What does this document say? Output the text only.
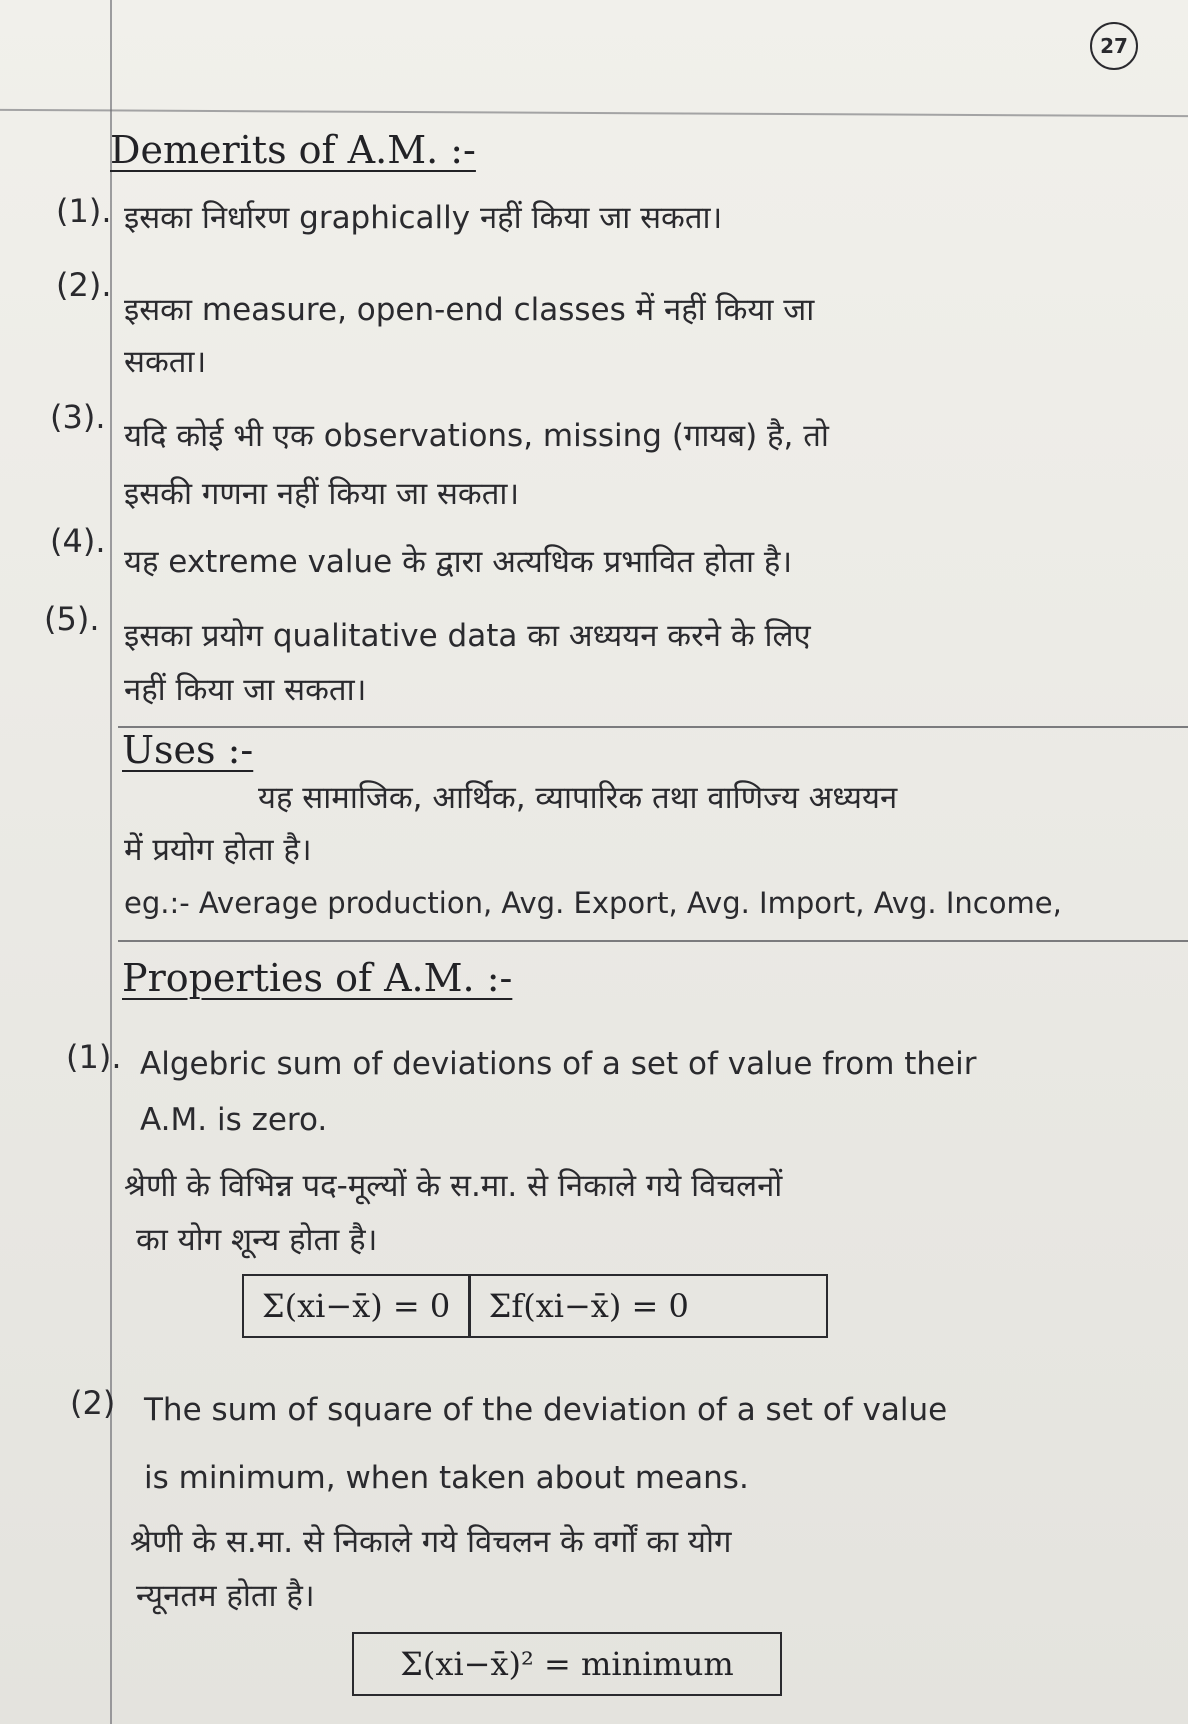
27
Demerits of A.M. :-
(1). इसका निर्धारण graphically नहीं किया जा सकता।
(2).
इसका measure, open-end classes में नहीं किया जा
सकता।
(3). यदि कोई भी एक observations, missing (गायब) है, तो
इसकी गणना नहीं किया जा सकता।
(4).
यह extreme value के द्वारा अत्यधिक प्रभावित होता है।
(5). इसका प्रयोग qualitative data का अध्ययन करने के लिए
नहीं किया जा सकता।
Uses :-
यह सामाजिक, आर्थिक, व्यापारिक तथा वाणिज्य अध्ययन
में प्रयोग होता है।
eg.:- Average production, Avg. Export, Avg. Import, Avg. Income,
Properties of A.M. :-
(1). Algebric sum of deviations of a set of value from their
A.M. is zero.
श्रेणी के विभिन्न पद-मूल्यों के स.मा. से निकाले गये विचलनों
का योग शून्य होता है।
Σ(xi−x̄) = 0	Σf(xi−x̄) = 0
(2) The sum of square of the deviation of a set of value
is minimum, when taken about means.
श्रेणी के स.मा. से निकाले गये विचलन के वर्गों का योग
न्यूनतम होता है।
Σ(xi−x̄)² = minimum
